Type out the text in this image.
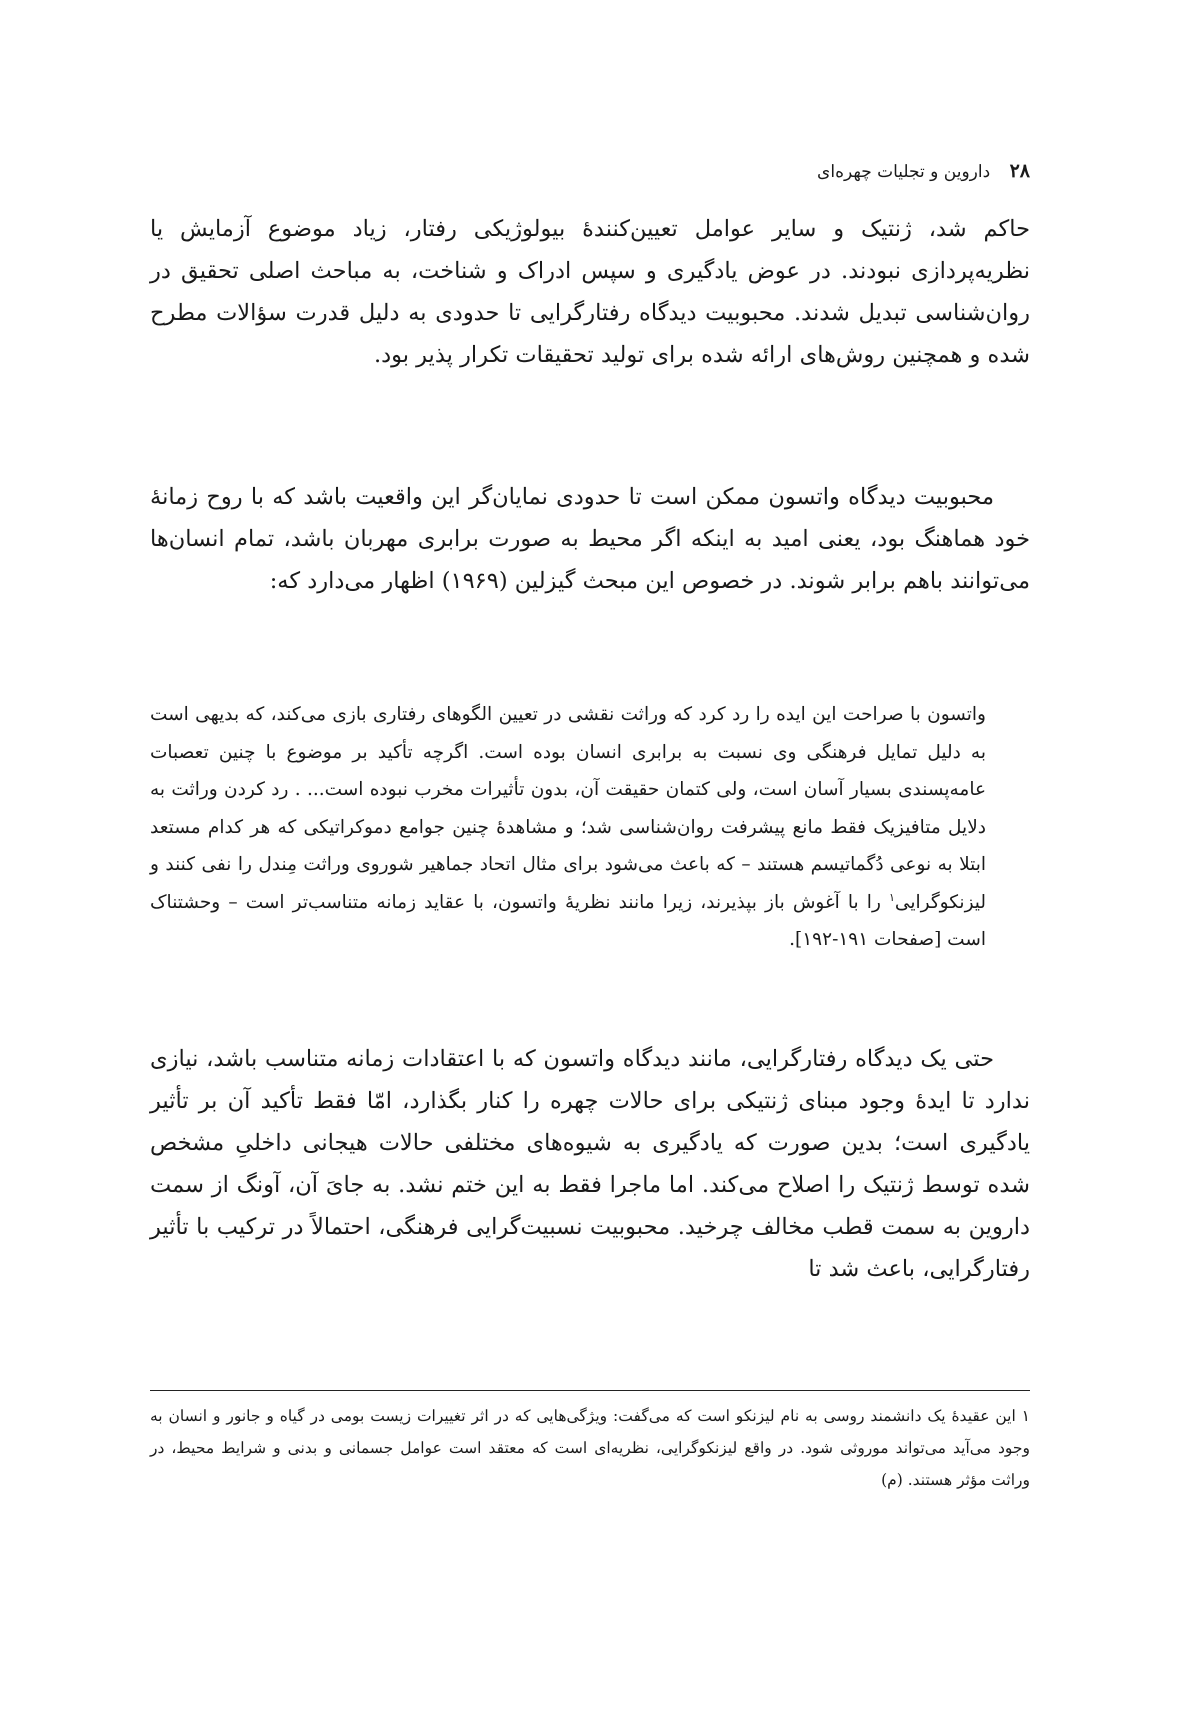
۲۸ داروین و تجلیات چهره‌ای

حاکم شد، ژنتیک و سایر عوامل تعیین‌کنندۀ بیولوژیکی رفتار، زیاد موضوع آزمایش یا نظریه‌پردازی نبودند. در عوض یادگیری و سپس ادراک و شناخت، به مباحث اصلی تحقیق در روان‌شناسی تبدیل شدند. محبوبیت دیدگاه رفتارگرایی تا حدودی به دلیل قدرت سؤالات مطرح شده و همچنین روش‌های ارائه شده برای تولید تحقیقات تکرار پذیر بود.

محبوبیت دیدگاه واتسون ممکن است تا حدودی نمایان‌گر این واقعیت باشد که با روح زمانۀ خود هماهنگ بود، یعنی امید به اینکه اگر محیط به صورت برابری مهربان باشد، تمام انسان‌ها می‌توانند باهم برابر شوند. در خصوص این مبحث گیزلین (۱۹۶۹) اظهار می‌دارد که:

واتسون با صراحت این ایده را رد کرد که وراثت نقشی در تعیین الگوهای رفتاری بازی می‌کند، که بدیهی است به دلیل تمایل فرهنگی وی نسبت به برابری انسان بوده است. اگرچه تأکید بر موضوع با چنین تعصبات عامه‌پسندی بسیار آسان است، ولی کتمان حقیقت آن، بدون تأثیرات مخرب نبوده است... . رد کردن وراثت به دلایل متافیزیک فقط مانع پیشرفت روان‌شناسی شد؛ و مشاهدۀ چنین جوامع دموکراتیکی که هر کدام مستعد ابتلا به نوعی دُگماتیسم هستند – که باعث می‌شود برای مثال اتحاد جماهیر شوروی وراثت مِندل را نفی کنند و لیزنکوگرایی$^۱$ را با آغوش باز بپذیرند، زیرا مانند نظریۀ واتسون، با عقاید زمانه متناسب‌تر است – وحشتناک است [صفحات ۱۹۱-۱۹۲].

حتی یک دیدگاه رفتارگرایی، مانند دیدگاه واتسون که با اعتقادات زمانه متناسب باشد، نیازی ندارد تا ایدۀ وجود مبنای ژنتیکی برای حالات چهره را کنار بگذارد، امّا فقط تأکید آن بر تأثیر یادگیری است؛ بدین صورت که یادگیری به شیوه‌های مختلفی حالات هیجانی داخلیِ مشخص شده توسط ژنتیک را اصلاح می‌کند. اما ماجرا فقط به این ختم نشد. به جایَ آن، آونگ از سمت داروین به سمت قطب مخالف چرخید. محبوبیت نسبیت‌گرایی فرهنگی، احتمالاً در ترکیب با تأثیر رفتارگرایی، باعث شد تا

۱ این عقیدۀ یک دانشمند روسی به نام لیزنکو است که می‌گفت: ویژگی‌هایی که در اثر تغییرات زیست بومی در گیاه و جانور و انسان به وجود می‌آید می‌تواند موروثی شود. در واقع لیزنکوگرایی، نظریه‌ای است که معتقد است عوامل جسمانی و بدنی و شرایط محیط، در وراثت مؤثر هستند. (م)
